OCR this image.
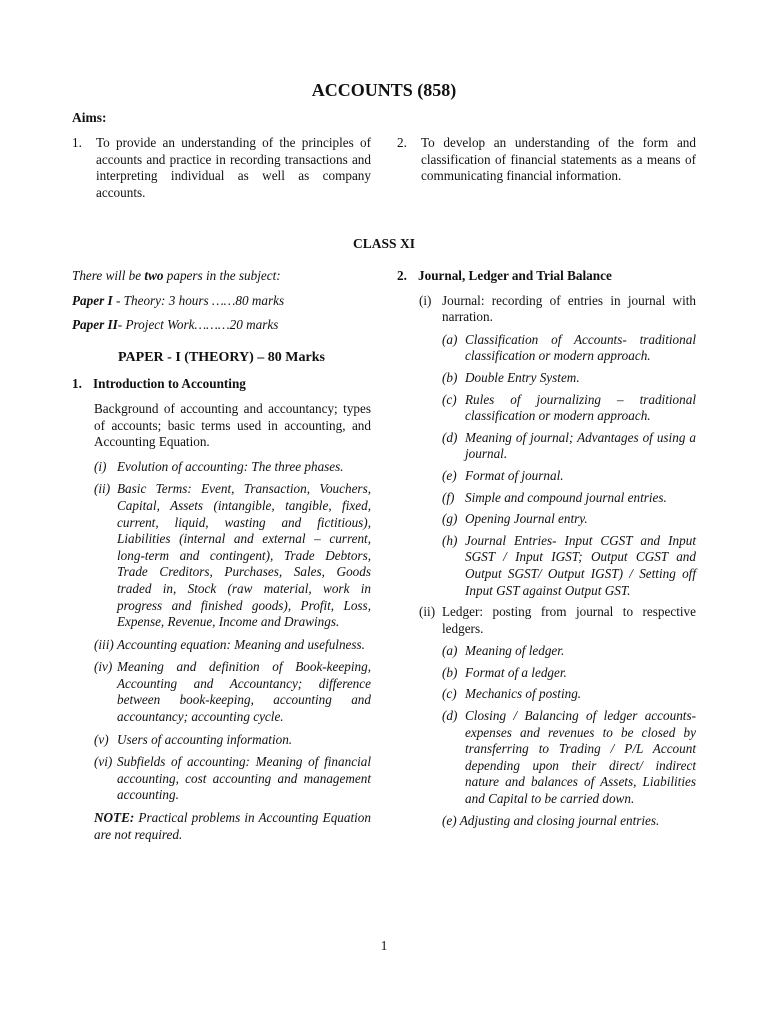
ACCOUNTS (858)
Aims:
1.	To provide an understanding of the principles of accounts and practice in recording transactions and interpreting individual as well as company accounts.
2.	To develop an understanding of the form and classification of financial statements as a means of communicating financial information.
CLASS XI
There will be two papers in the subject:
Paper I - Theory: 3 hours ……80 marks
Paper II- Project Work………20 marks
PAPER - I (THEORY) – 80 Marks
1. Introduction to Accounting
Background of accounting and accountancy; types of accounts; basic terms used in accounting, and Accounting Equation.
(i) Evolution of accounting: The three phases.
(ii) Basic Terms: Event, Transaction, Vouchers, Capital, Assets (intangible, tangible, fixed, current, liquid, wasting and fictitious), Liabilities (internal and external – current, long-term and contingent), Trade Debtors, Trade Creditors, Purchases, Sales, Goods traded in, Stock (raw material, work in progress and finished goods), Profit, Loss, Expense, Revenue, Income and Drawings.
(iii) Accounting equation: Meaning and usefulness.
(iv) Meaning and definition of Book-keeping, Accounting and Accountancy; difference between book-keeping, accounting and accountancy; accounting cycle.
(v) Users of accounting information.
(vi) Subfields of accounting: Meaning of financial accounting, cost accounting and management accounting.
NOTE: Practical problems in Accounting Equation are not required.
2. Journal, Ledger and Trial Balance
(i) Journal: recording of entries in journal with narration.
(a) Classification of Accounts- traditional classification or modern approach.
(b) Double Entry System.
(c) Rules of journalizing – traditional classification or modern approach.
(d) Meaning of journal; Advantages of using a journal.
(e) Format of journal.
(f) Simple and compound journal entries.
(g) Opening Journal entry.
(h) Journal Entries- Input CGST and Input SGST / Input IGST; Output CGST and Output SGST/ Output IGST) / Setting off Input GST against Output GST.
(ii) Ledger: posting from journal to respective ledgers.
(a) Meaning of ledger.
(b) Format of a ledger.
(c) Mechanics of posting.
(d) Closing / Balancing of ledger accounts- expenses and revenues to be closed by transferring to Trading / P/L Account depending upon their direct/ indirect nature and balances of Assets, Liabilities and Capital to be carried down.
(e) Adjusting and closing journal entries.
1
